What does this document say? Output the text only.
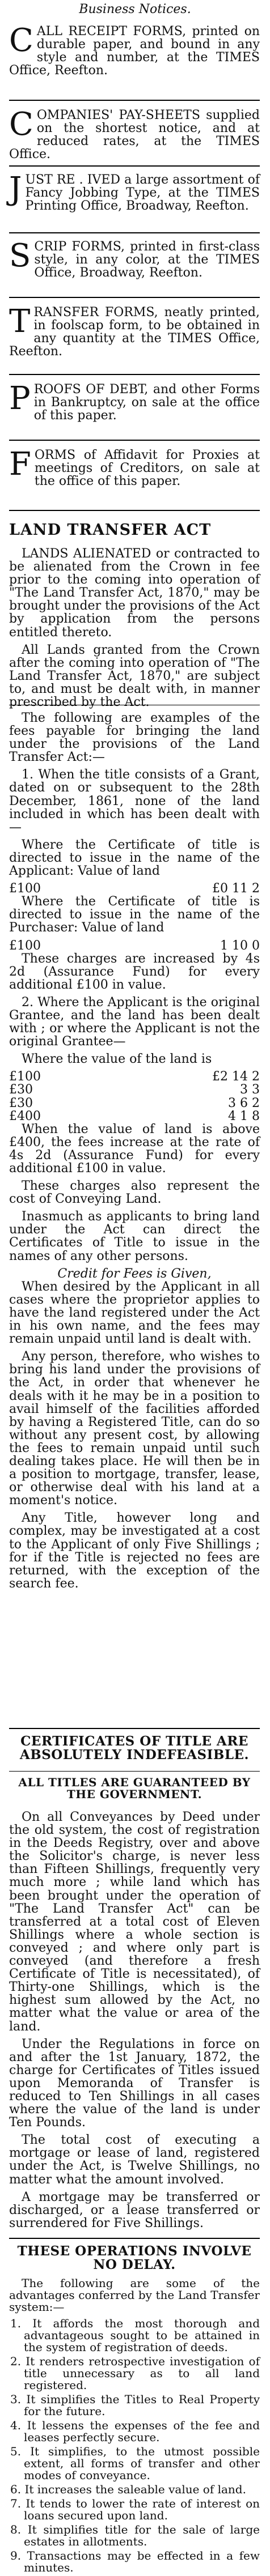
Business Notices.
C ALL RECEIPT FORMS, printed on durable paper, and bound in any style and number, at the TIMES Office, Reefton.
C OMPANIES' PAY-SHEETS supplied on the shortest notice, and at reduced rates, at the TIMES Office.
J UST RE . IVED a large assortment of Fancy Jobbing Type, at the TIMES Printing Office, Broadway, Reefton.
S CRIP FORMS, printed in first-class style, in any color, at the TIMES Office, Broadway, Reefton.
T RANSFER FORMS, neatly printed, in foolscap form, to be obtained in any quantity at the TIMES Office, Reefton.
P ROOFS OF DEBT, and other Forms in Bankruptcy, on sale at the office of this paper.
F ORMS of Affidavit for Proxies at meetings of Creditors, on sale at the office of this paper.
LAND TRANSFER ACT

LANDS ALIENATED or contracted to be alienated from the Crown in fee prior to the coming into operation of "The Land Transfer Act, 1870," may be brought under the provisions of the Act by application from the persons entitled thereto.

All Lands granted from the Crown after the coming into operation of "The Land Transfer Act, 1870," are subject to, and must be dealt with, in manner prescribed by the Act.

The following are examples of the fees payable for bringing the land under the provisions of the Land Transfer Act:—

1. When the title consists of a Grant, dated on or subsequent to the 28th December, 1861, none of the land included in which has been dealt with—

Where the Certificate of title is directed to issue in the name of the Applicant: Value of land

£100	£0 11 2

Where the Certificate of title is directed to issue in the name of the Purchaser: Value of land

£100	1 10 0

These charges are increased by 4s 2d (Assurance Fund) for every additional £100 in value.

2. Where the Applicant is the original Grantee, and the land has been dealt with ; or where the Applicant is not the original Grantee—

Where the value of the land is

£100	£2 14 2

£30	3 3

£30	3 6 2

£400	4 1 8

When the value of land is above £400, the fees increase at the rate of 4s 2d (Assurance Fund) for every additional £100 in value.

These charges also represent the cost of Conveying Land.

Inasmuch as applicants to bring land under the Act can direct the Certificates of Title to issue in the names of any other persons.

Credit for Fees is Given,

When desired by the Applicant in all cases where the proprietor applies to have the land registered under the Act in his own name, and the fees may remain unpaid until land is dealt with.

Any person, therefore, who wishes to bring his land under the provisions of the Act, in order that whenever he deals with it he may be in a position to avail himself of the facilities afforded by having a Registered Title, can do so without any present cost, by allowing the fees to remain unpaid until such dealing takes place. He will then be in a position to mortgage, transfer, lease, or otherwise deal with his land at a moment's notice.

Any Title, however long and complex, may be investigated at a cost to the Applicant of only Five Shillings ; for if the Title is rejected no fees are returned, with the exception of the search fee.

CERTIFICATES OF TITLE ARE ABSOLUTELY INDEFEASIBLE.
ALL TITLES ARE GUARANTEED BY THE GOVERNMENT.

On all Conveyances by Deed under the old system, the cost of registration in the Deeds Registry, over and above the Solicitor's charge, is never less than Fifteen Shillings, frequently very much more ; while land which has been brought under the operation of "The Land Transfer Act" can be transferred at a total cost of Eleven Shillings where a whole section is conveyed ; and where only part is conveyed (and therefore a fresh Certificate of Title is necessitated), of Thirty-one Shillings, which is the highest sum allowed by the Act, no matter what the value or area of the land.

Under the Regulations in force on and after the 1st January, 1872, the charge for Certificates of Titles issued upon Memoranda of Transfer is reduced to Ten Shillings in all cases where the value of the land is under Ten Pounds.

The total cost of executing a mortgage or lease of land, registered under the Act, is Twelve Shillings, no matter what the amount involved.

A mortgage may be transferred or discharged, or a lease transferred or surrendered for Five Shillings.

THESE OPERATIONS INVOLVE NO DELAY.

The following are some of the advantages conferred by the Land Transfer system:—

1. It affords the most thorough and advantageous sought to be attained in the system of registration of deeds.

2. It renders retrospective investigation of title unnecessary as to all land registered.

3. It simplifies the Titles to Real Property for the future.

4. It lessens the expenses of the fee and leases perfectly secure.

5. It simplifies, to the utmost possible extent, all forms of transfer and other modes of conveyance.

6. It increases the saleable value of land.

7. It tends to lower the rate of interest on loans secured upon land.

8. It simplifies title for the sale of large estates in allotments.

9. Transactions may be effected in a few minutes.
